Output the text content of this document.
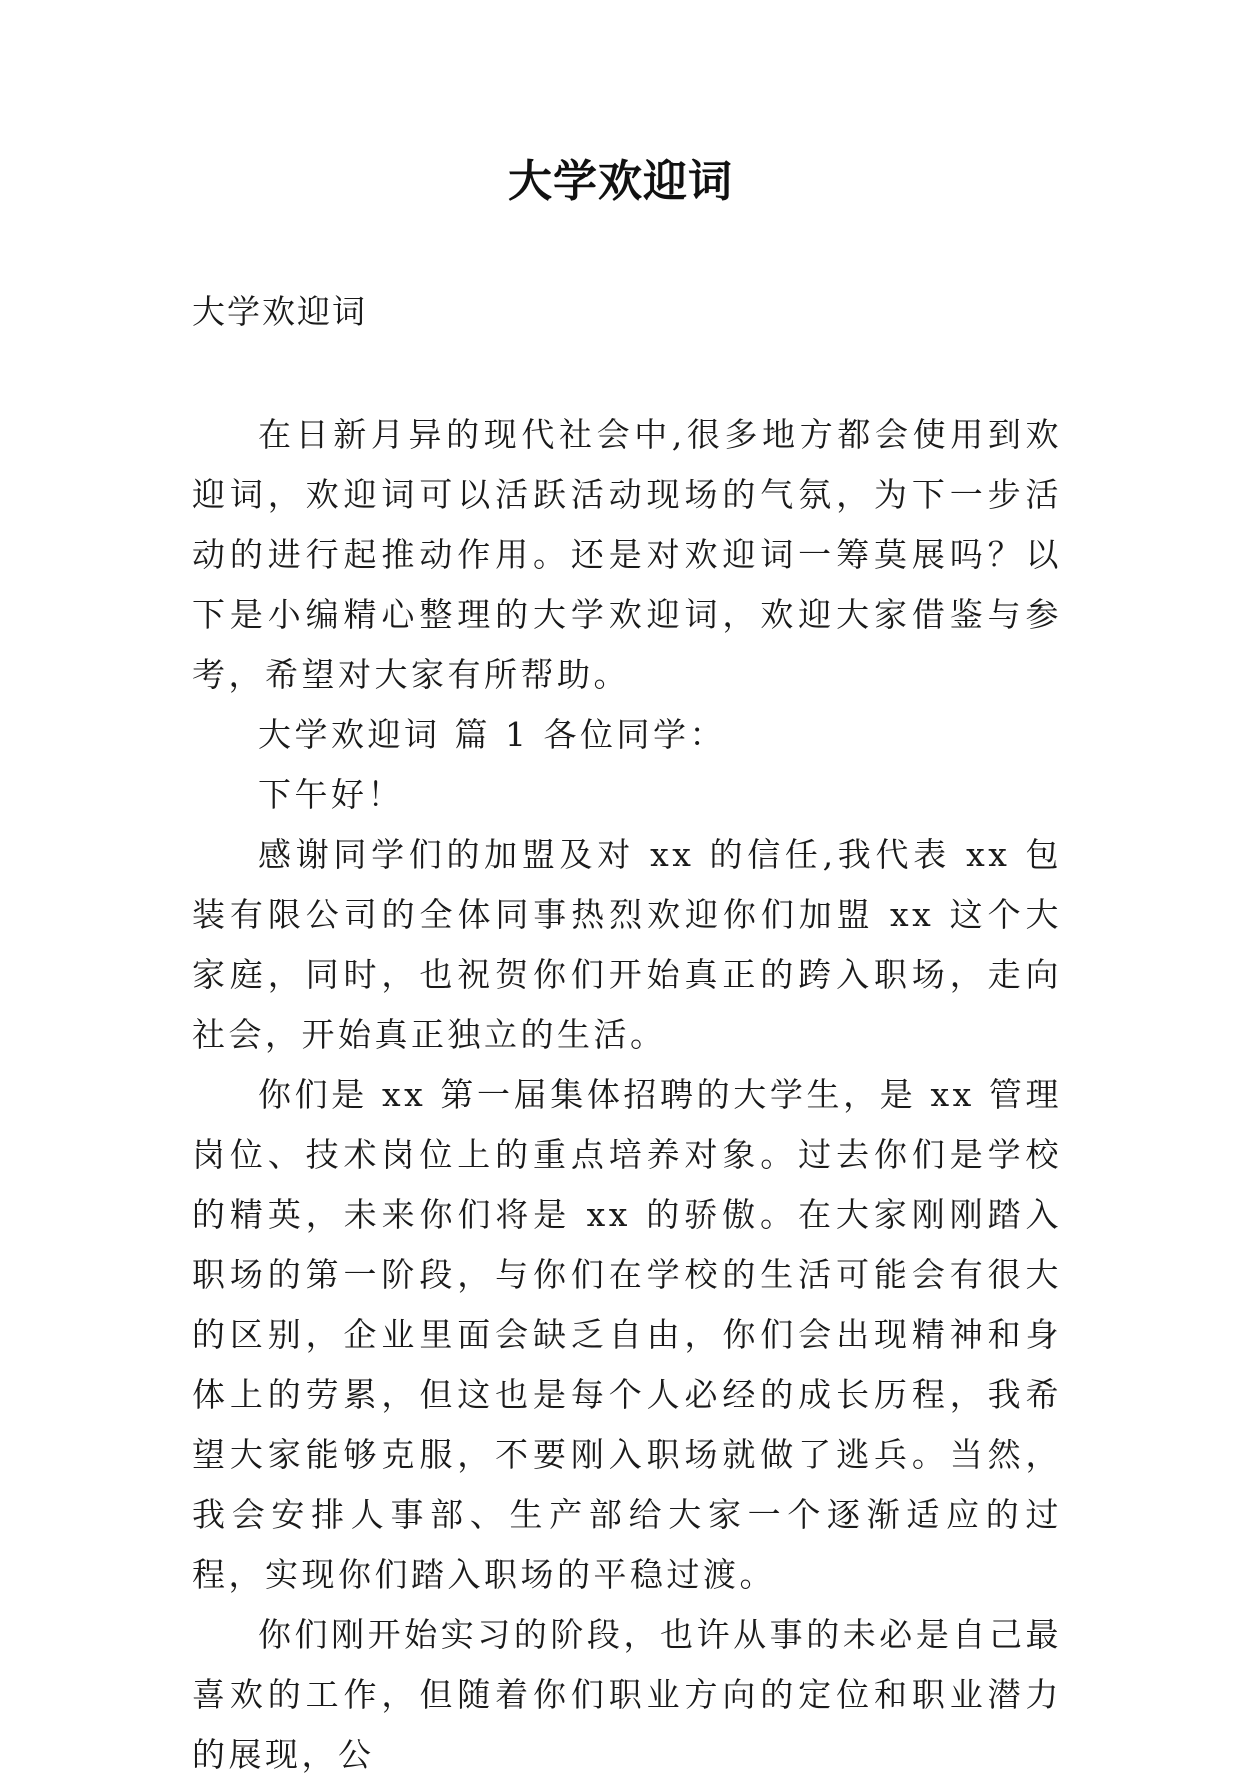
大学欢迎词
大学欢迎词

在日新月异的现代社会中,很多地方都会使用到欢迎词，欢迎词可以活跃活动现场的气氛，为下一步活动的进行起推动作用。还是对欢迎词一筹莫展吗？以下是小编精心整理的大学欢迎词，欢迎大家借鉴与参考，希望对大家有所帮助。

大学欢迎词 篇 1 各位同学：

下午好！

感谢同学们的加盟及对 xx 的信任,我代表 xx 包装有限公司的全体同事热烈欢迎你们加盟 xx 这个大家庭，同时，也祝贺你们开始真正的跨入职场，走向社会，开始真正独立的生活。

你们是 xx 第一届集体招聘的大学生，是 xx 管理岗位、技术岗位上的重点培养对象。过去你们是学校的精英，未来你们将是 xx 的骄傲。在大家刚刚踏入职场的第一阶段，与你们在学校的生活可能会有很大的区别，企业里面会缺乏自由，你们会出现精神和身体上的劳累，但这也是每个人必经的成长历程，我希望大家能够克服，不要刚入职场就做了逃兵。当然，我会安排人事部、生产部给大家一个逐渐适应的过程，实现你们踏入职场的平稳过渡。

你们刚开始实习的阶段，也许从事的未必是自己最喜欢的工作，但随着你们职业方向的定位和职业潜力的展现，公
